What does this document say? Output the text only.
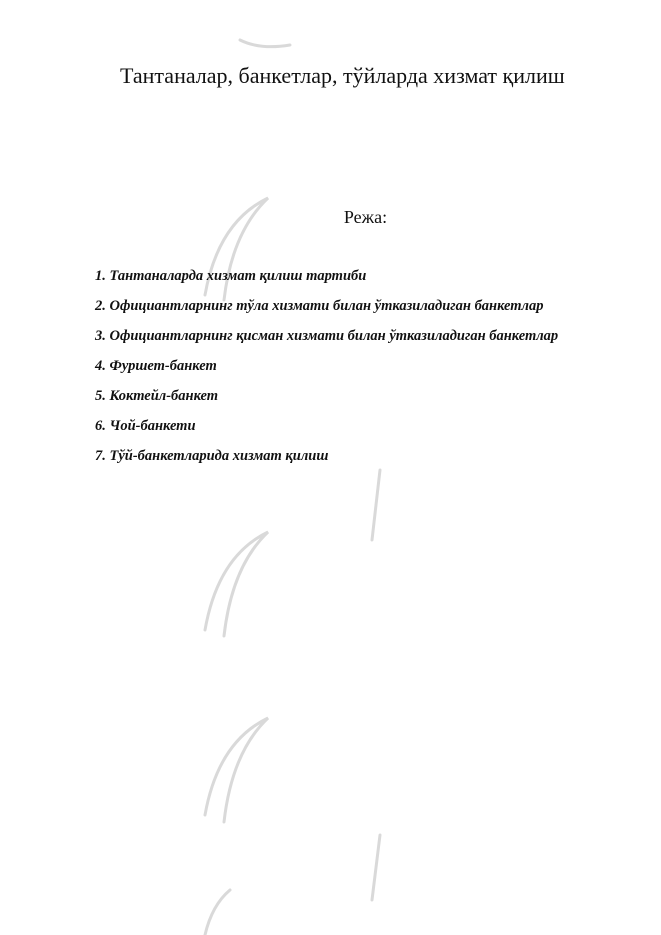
Тантаналар, банкетлар, тўйларда хизмат қилиш
Режа:
1. Тантаналарда хизмат қилиш тартиби
2. Официантларнинг тўла хизмати билан ўтказиладиган банкетлар
3. Официантларнинг қисман хизмати билан ўтказиладиган банкетлар
4. Фуршет-банкет
5. Коктейл-банкет
6. Чой-банкети
7. Тўй-банкетларида хизмат қилиш
